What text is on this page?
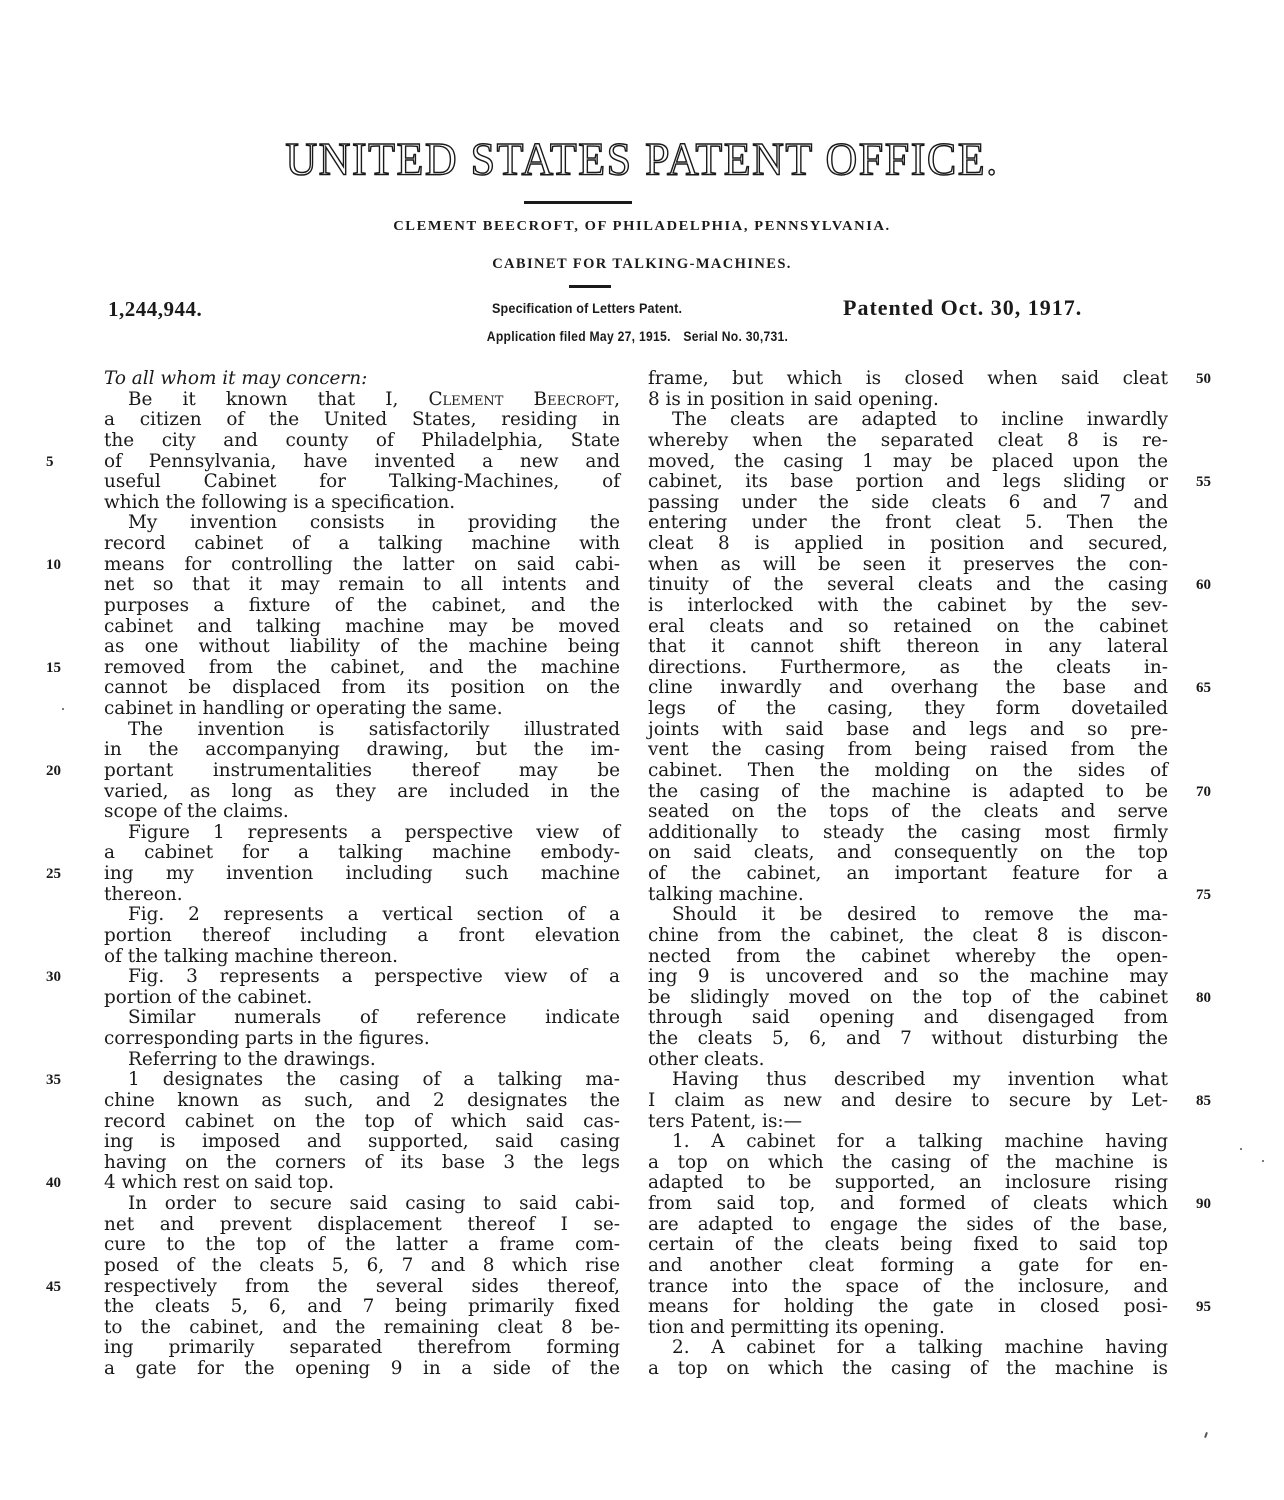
UNITED STATES PATENT OFFICE.
CLEMENT BEECROFT, OF PHILADELPHIA, PENNSYLVANIA.
CABINET FOR TALKING-MACHINES.
1,244,944.	Specification of Letters Patent.	Patented Oct. 30, 1917.
Application filed May 27, 1915. Serial No. 30,731.
To all whom it may concern:
Be it known that I, Clement Beecroft,
a citizen of the United States, residing in
the city and county of Philadelphia, State
of Pennsylvania, have invented a new and
5
useful Cabinet for Talking-Machines, of
which the following is a specification.
My invention consists in providing the
record cabinet of a talking machine with
means for controlling the latter on said cabi-
10
net so that it may remain to all intents and
purposes a fixture of the cabinet, and the
cabinet and talking machine may be moved
as one without liability of the machine being
removed from the cabinet, and the machine
15
cannot be displaced from its position on the
cabinet in handling or operating the same.
The invention is satisfactorily illustrated
in the accompanying drawing, but the im-
portant instrumentalities thereof may be
20
varied, as long as they are included in the
scope of the claims.
Figure 1 represents a perspective view of
a cabinet for a talking machine embody-
ing my invention including such machine
25
thereon.
Fig. 2 represents a vertical section of a
portion thereof including a front elevation
of the talking machine thereon.
Fig. 3 represents a perspective view of a
30
portion of the cabinet.
Similar numerals of reference indicate
corresponding parts in the figures.
Referring to the drawings.
1 designates the casing of a talking ma-
35
chine known as such, and 2 designates the
record cabinet on the top of which said cas-
ing is imposed and supported, said casing
having on the corners of its base 3 the legs
4 which rest on said top.
40
In order to secure said casing to said cabi-
net and prevent displacement thereof I se-
cure to the top of the latter a frame com-
posed of the cleats 5, 6, 7 and 8 which rise
respectively from the several sides thereof,
45
the cleats 5, 6, and 7 being primarily fixed
to the cabinet, and the remaining cleat 8 be-
ing primarily separated therefrom forming
a gate for the opening 9 in a side of the
frame, but which is closed when said cleat 50
8 is in position in said opening.
The cleats are adapted to incline inwardly
whereby when the separated cleat 8 is re-
moved, the casing 1 may be placed upon the
cabinet, its base portion and legs sliding or 55
passing under the side cleats 6 and 7 and
entering under the front cleat 5. Then the
cleat 8 is applied in position and secured,
when as will be seen it preserves the con-
tinuity of the several cleats and the casing 60
is interlocked with the cabinet by the sev-
eral cleats and so retained on the cabinet
that it cannot shift thereon in any lateral
directions. Furthermore, as the cleats in-
cline inwardly and overhang the base and 65
legs of the casing, they form dovetailed
joints with said base and legs and so pre-
vent the casing from being raised from the
cabinet. Then the molding on the sides of
the casing of the machine is adapted to be 70
seated on the tops of the cleats and serve
additionally to steady the casing most firmly
on said cleats, and consequently on the top
of the cabinet, an important feature for a
talking machine.	75
Should it be desired to remove the ma-
chine from the cabinet, the cleat 8 is discon-
nected from the cabinet whereby the open-
ing 9 is uncovered and so the machine may
be slidingly moved on the top of the cabinet 80
through said opening and disengaged from
the cleats 5, 6, and 7 without disturbing the
other cleats.
Having thus described my invention what
I claim as new and desire to secure by Let- 85
ters Patent, is:—
1. A cabinet for a talking machine having
a top on which the casing of the machine is
adapted to be supported, an inclosure rising
from said top, and formed of cleats which 90
are adapted to engage the sides of the base,
certain of the cleats being fixed to said top
and another cleat forming a gate for en-
trance into the space of the inclosure, and
means for holding the gate in closed posi- 95
tion and permitting its opening.
2. A cabinet for a talking machine having
a top on which the casing of the machine is
